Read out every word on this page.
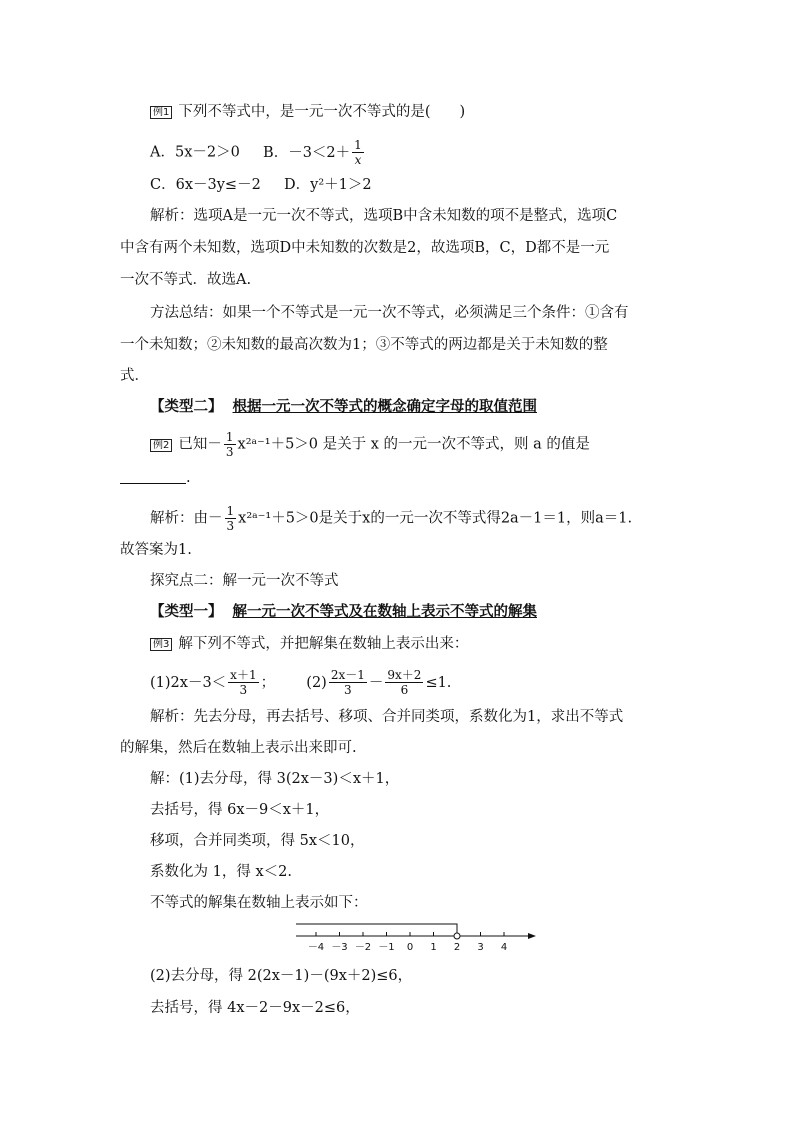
例1 下列不等式中，是一元一次不等式的是(　　)
A．5x－2＞0 B．$-3<2+ \frac{1}{x}$
C．6x－3y≤－2 D．y²＋1＞2
解析：选项A是一元一次不等式，选项B中含未知数的项不是整式，选项C
中含有两个未知数，选项D中未知数的次数是2，故选项B，C，D都不是一元
一次不等式．故选A.
方法总结：如果一个不等式是一元一次不等式，必须满足三个条件：①含有
一个未知数；②未知数的最高次数为1；③不等式的两边都是关于未知数的整
式．
【类型二】 根据一元一次不等式的概念确定字母的取值范围
例2 已知－ $\frac{1}{3}$ x²ᵃ⁻¹＋5＞0 是关于 x 的一元一次不等式，则 a 的值是
.
解析：由－ $\frac{1}{3}$ x²ᵃ⁻¹＋5＞0是关于x的一元一次不等式得2a－1＝1，则a＝1.
故答案为1.
探究点二：解一元一次不等式
【类型一】 解一元一次不等式及在数轴上表示不等式的解集
例3 解下列不等式，并把解集在数轴上表示出来：
$(1)2x-3< \frac{x+1}{3}$ ； $(2) \frac{2x-1}{3} - \frac{9x+2}{6} \le 1$.
解析：先去分母，再去括号、移项、合并同类项，系数化为1，求出不等式
的解集，然后在数轴上表示出来即可.
解：(1)去分母，得 3(2x－3)＜x＋1，
去括号，得 6x－9＜x＋1，
移项，合并同类项，得 5x＜10，
系数化为 1，得 x＜2.
不等式的解集在数轴上表示如下：
－4 －3 －2 －1 0 1 2 3 4
(2)去分母，得 2(2x－1)－(9x＋2)≤6，
去括号，得 4x－2－9x－2≤6，
